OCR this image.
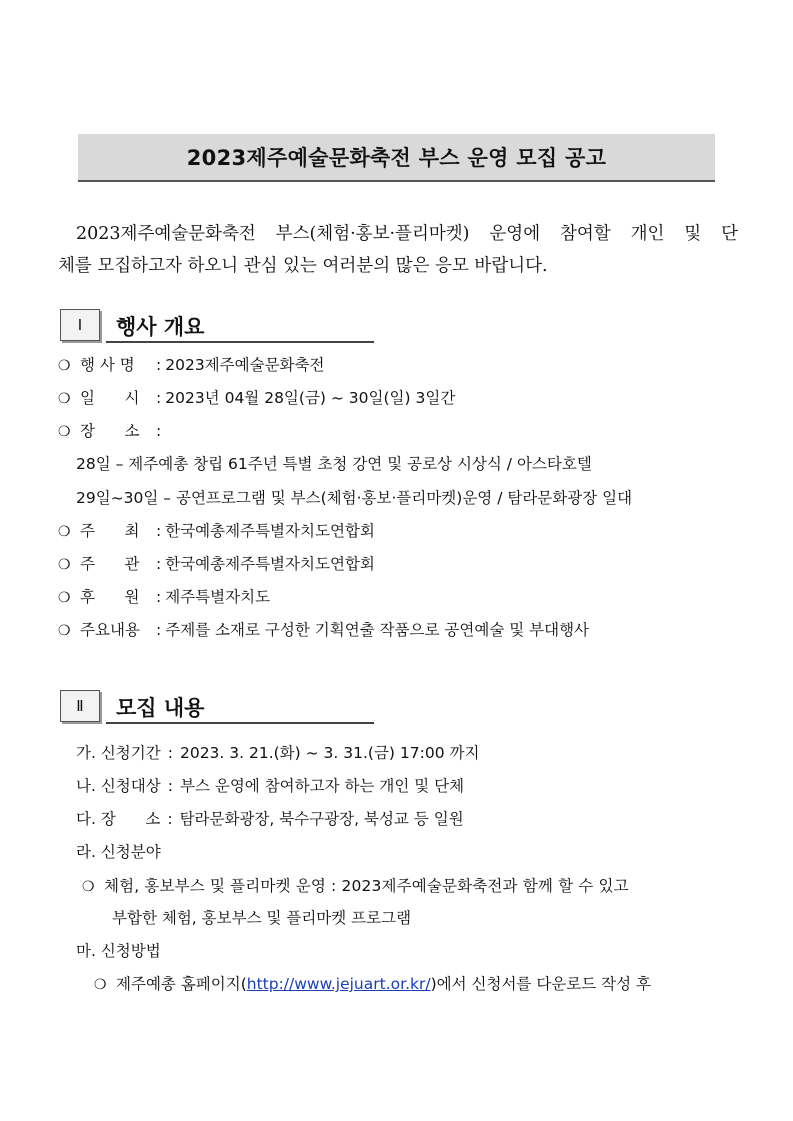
2023제주예술문화축전 부스 운영 모집 공고
2023제주예술문화축전 부스(체험·홍보·플리마켓) 운영에 참여할 개인 및 단
체를 모집하고자 하오니 관심 있는 여러분의 많은 응모 바랍니다.
Ⅰ	행사 개요
❍ 행 사 명 : 2023제주예술문화축전
❍ 일      시 : 2023년 04월 28일(금) ~ 30일(일) 3일간
❍ 장      소 :
28일 – 제주예총 창립 61주년 특별 초청 강연 및 공로상 시상식 / 아스타호텔
29일~30일 – 공연프로그램 및 부스(체험·홍보·플리마켓)운영 / 탐라문화광장 일대
❍ 주      최 : 한국예총제주특별자치도연합회
❍ 주      관 : 한국예총제주특별자치도연합회
❍ 후      원 : 제주특별자치도
❍ 주요내용 : 주제를 소재로 구성한 기획연출 작품으로 공연예술 및 부대행사
Ⅱ	모집 내용
가. 신청기간 : 2023. 3. 21.(화) ~ 3. 31.(금) 17:00 까지
나. 신청대상 : 부스 운영에 참여하고자 하는 개인 및 단체
다. 장      소 : 탐라문화광장, 북수구광장, 북성교 등 일원
라. 신청분야
❍ 체험, 홍보부스 및 플리마켓 운영 : 2023제주예술문화축전과 함께 할 수 있고
부합한 체험, 홍보부스 및 플리마켓 프로그램
마. 신청방법
❍ 제주예총 홈페이지(http://www.jejuart.or.kr/)에서 신청서를 다운로드 작성 후
